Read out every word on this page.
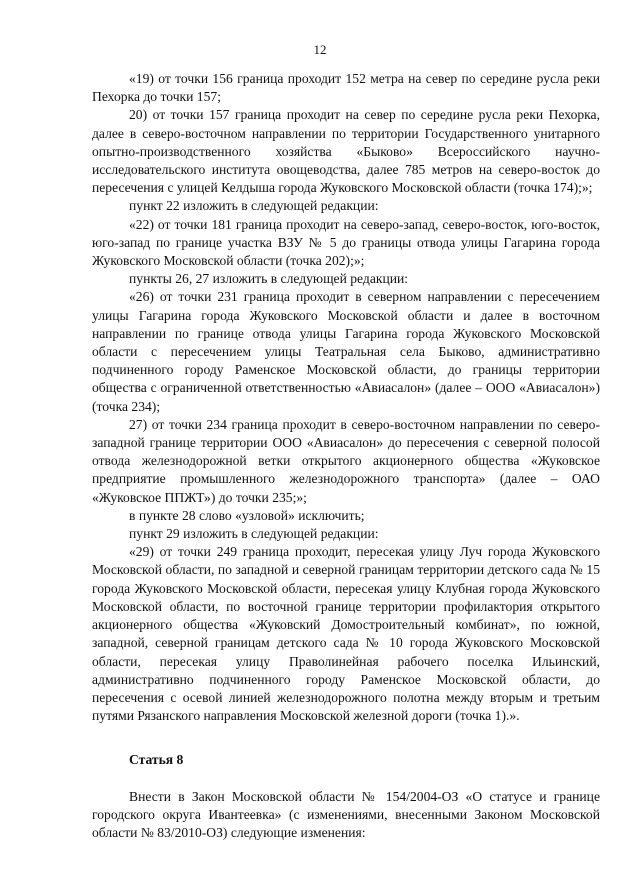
12

«19) от точки 156 граница проходит 152 метра на север по середине русла реки Пехорка до точки 157;

20) от точки 157 граница проходит на север по середине русла реки Пехорка, далее в северо-восточном направлении по территории Государственного унитарного опытно-производственного хозяйства «Быково» Всероссийского научно-исследовательского института овощеводства, далее 785 метров на северо-восток до пересечения с улицей Келдыша города Жуковского Московской области (точка 174);»;

пункт 22 изложить в следующей редакции:

«22) от точки 181 граница проходит на северо-запад, северо-восток, юго-восток, юго-запад по границе участка ВЗУ № 5 до границы отвода улицы Гагарина города Жуковского Московской области (точка 202);»;

пункты 26, 27 изложить в следующей редакции:

«26) от точки 231 граница проходит в северном направлении с пересечением улицы Гагарина города Жуковского Московской области и далее в восточном направлении по границе отвода улицы Гагарина города Жуковского Московской области с пересечением улицы Театральная села Быково, административно подчиненного городу Раменское Московской области, до границы территории общества с ограниченной ответственностью «Авиасалон» (далее – ООО «Авиасалон») (точка 234);

27) от точки 234 граница проходит в северо-восточном направлении по северо-западной границе территории ООО «Авиасалон» до пересечения с северной полосой отвода железнодорожной ветки открытого акционерного общества «Жуковское предприятие промышленного железнодорожного транспорта» (далее – ОАО «Жуковское ППЖТ») до точки 235;»;

в пункте 28 слово «узловой» исключить;

пункт 29 изложить в следующей редакции:

«29) от точки 249 граница проходит, пересекая улицу Луч города Жуковского Московской области, по западной и северной границам территории детского сада № 15 города Жуковского Московской области, пересекая улицу Клубная города Жуковского Московской области, по восточной границе территории профилактория открытого акционерного общества «Жуковский Домостроительный комбинат», по южной, западной, северной границам детского сада № 10 города Жуковского Московской области, пересекая улицу Праволинейная рабочего поселка Ильинский, административно подчиненного городу Раменское Московской области, до пересечения с осевой линией железнодорожного полотна между вторым и третьим путями Рязанского направления Московской железной дороги (точка 1).».

Статья 8

Внести в Закон Московской области № 154/2004-ОЗ «О статусе и границе городского округа Ивантеевка» (с изменениями, внесенными Законом Московской области № 83/2010-ОЗ) следующие изменения:
